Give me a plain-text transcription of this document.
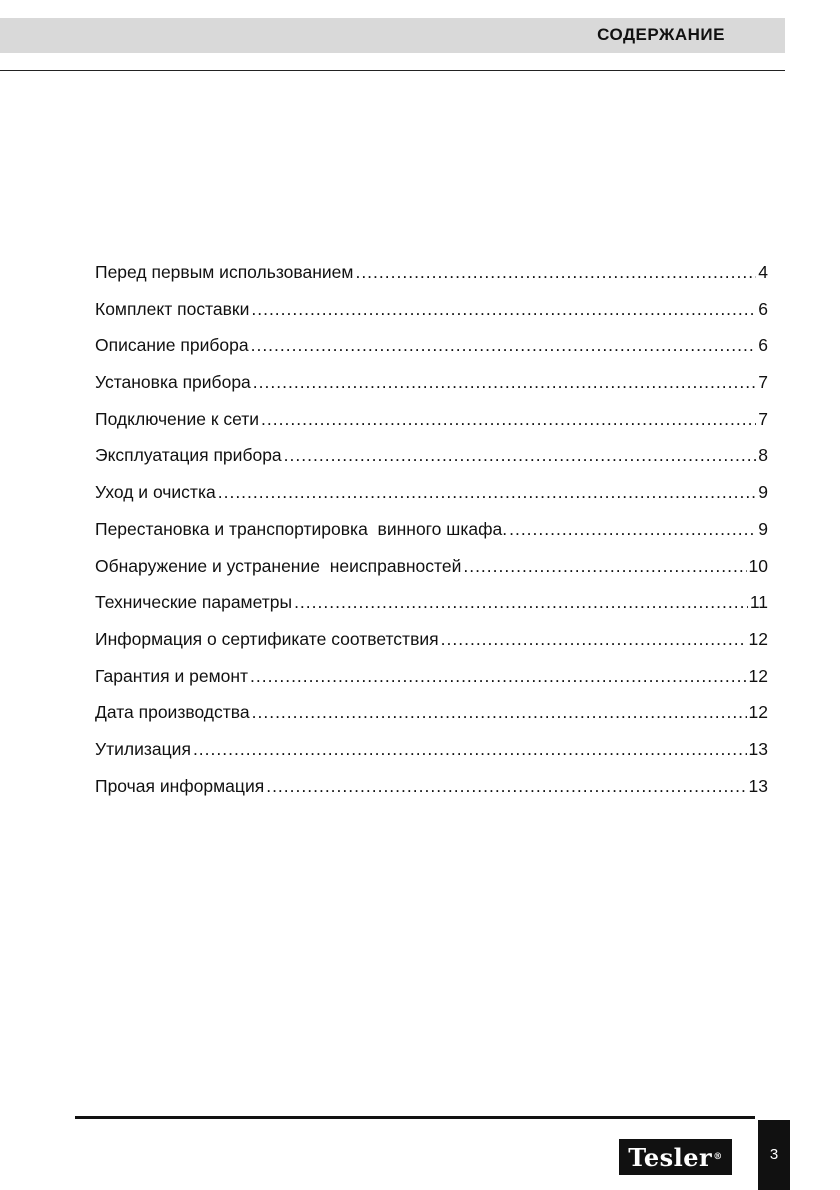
СОДЕРЖАНИЕ
Перед первым использованием .....	4
Комплект поставки .....	6
Описание прибора .....	6
Установка прибора .....	7
Подключение к сети .....	7
Эксплуатация прибора .....	8
Уход и очистка .....	9
Перестановка и транспортировка  винного шкафа. .....	9
Обнаружение и устранение  неисправностей .....	10
Технические параметры .....	11
Информация о сертификате соответствия .....	12
Гарантия и ремонт .....	12
Дата производства .....	12
Утилизация .....	13
Прочая информация .....	13
Tesler ®	3
